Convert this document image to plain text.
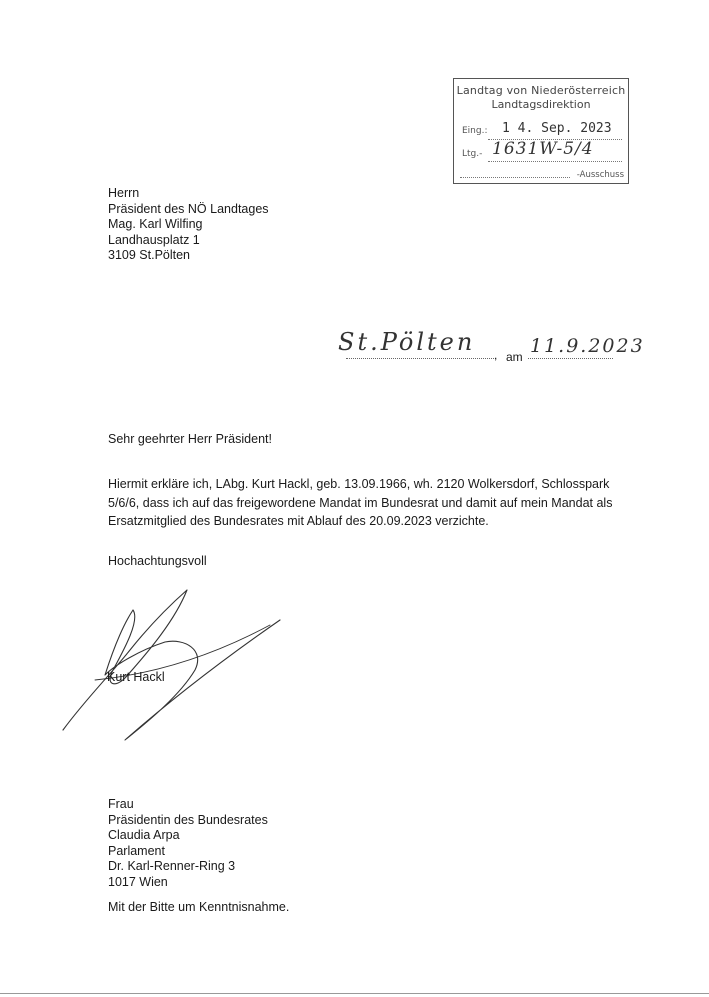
Landtag von Niederösterreich
Landtagsdirektion
Eing.: 1 4. Sep. 2023
Ltg.- 1631W-5/4
-Ausschuss
Herrn
Präsident des NÖ Landtages
Mag. Karl Wilfing
Landhausplatz 1
3109 St.Pölten
St.Pölten , am 11.9.2023
Sehr geehrter Herr Präsident!
Hiermit erkläre ich, LAbg. Kurt Hackl, geb. 13.09.1966, wh. 2120 Wolkersdorf, Schlosspark
5/6/6, dass ich auf das freigewordene Mandat im Bundesrat und damit auf mein Mandat als
Ersatzmitglied des Bundesrates mit Ablauf des 20.09.2023 verzichte.
Hochachtungsvoll
Kurt Hackl
Frau
Präsidentin des Bundesrates
Claudia Arpa
Parlament
Dr. Karl-Renner-Ring 3
1017 Wien
Mit der Bitte um Kenntnisnahme.
